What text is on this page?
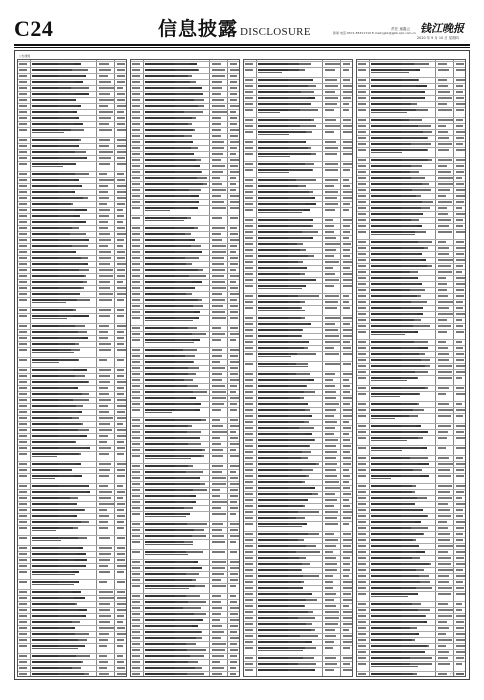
C24	信息披露 DISCLOSURE	责任 童鑫云
新闻 电话:0571-85311719 E-mail:jgbk@jgbk.zjol.com.cn 钱江晚报
2020 年 9 月 10 日 星期四
公告/通知
广告 Y0201
